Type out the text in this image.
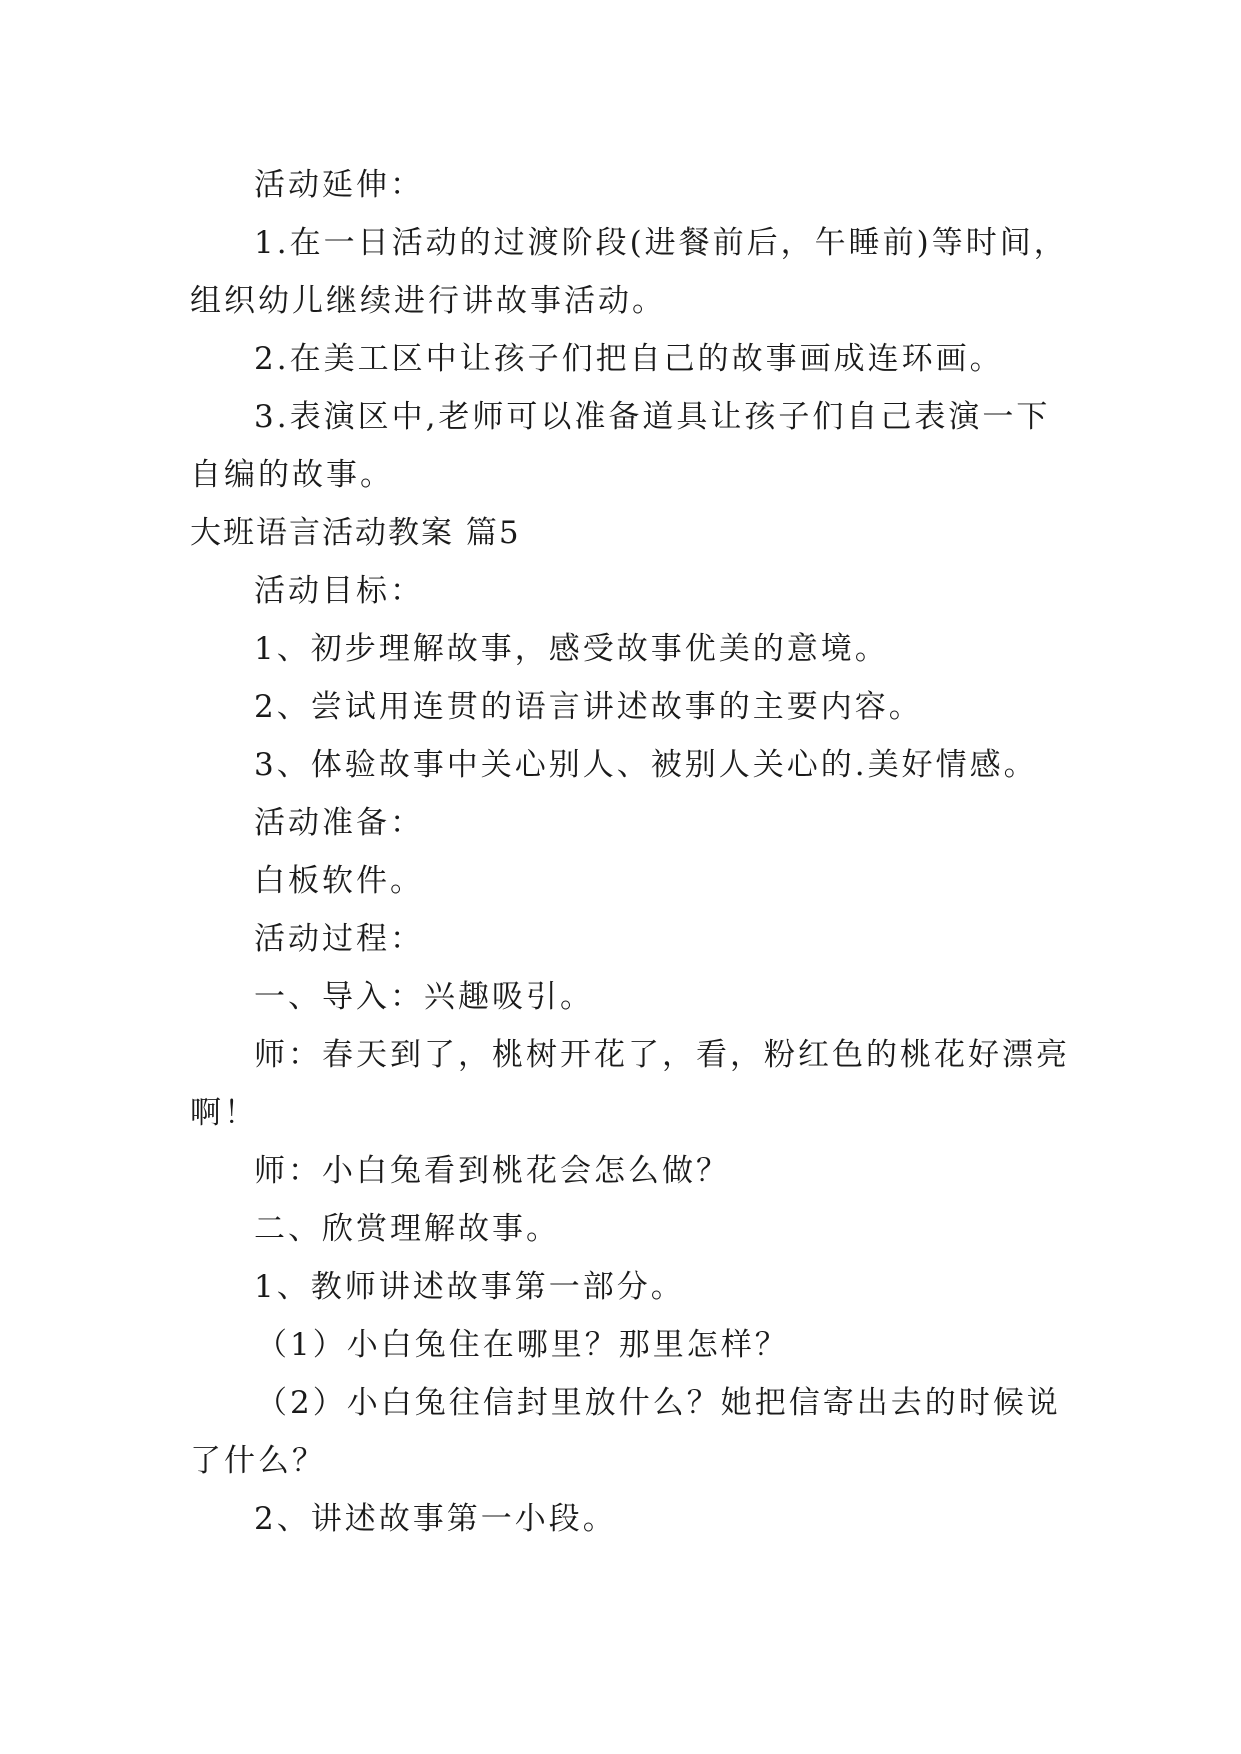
活动延伸：
1.在一日活动的过渡阶段(进餐前后，午睡前)等时间，
组织幼儿继续进行讲故事活动。
2.在美工区中让孩子们把自己的故事画成连环画。
3.表演区中,老师可以准备道具让孩子们自己表演一下
自编的故事。
大班语言活动教案 篇5
活动目标：
1、初步理解故事，感受故事优美的意境。
2、尝试用连贯的语言讲述故事的主要内容。
3、体验故事中关心别人、被别人关心的.美好情感。
活动准备：
白板软件。
活动过程：
一、导入：兴趣吸引。
师：春天到了，桃树开花了，看，粉红色的桃花好漂亮
啊！
师：小白兔看到桃花会怎么做？
二、欣赏理解故事。
1、教师讲述故事第一部分。
（1）小白兔住在哪里？那里怎样？
（2）小白兔往信封里放什么？她把信寄出去的时候说
了什么？
2、讲述故事第一小段。
